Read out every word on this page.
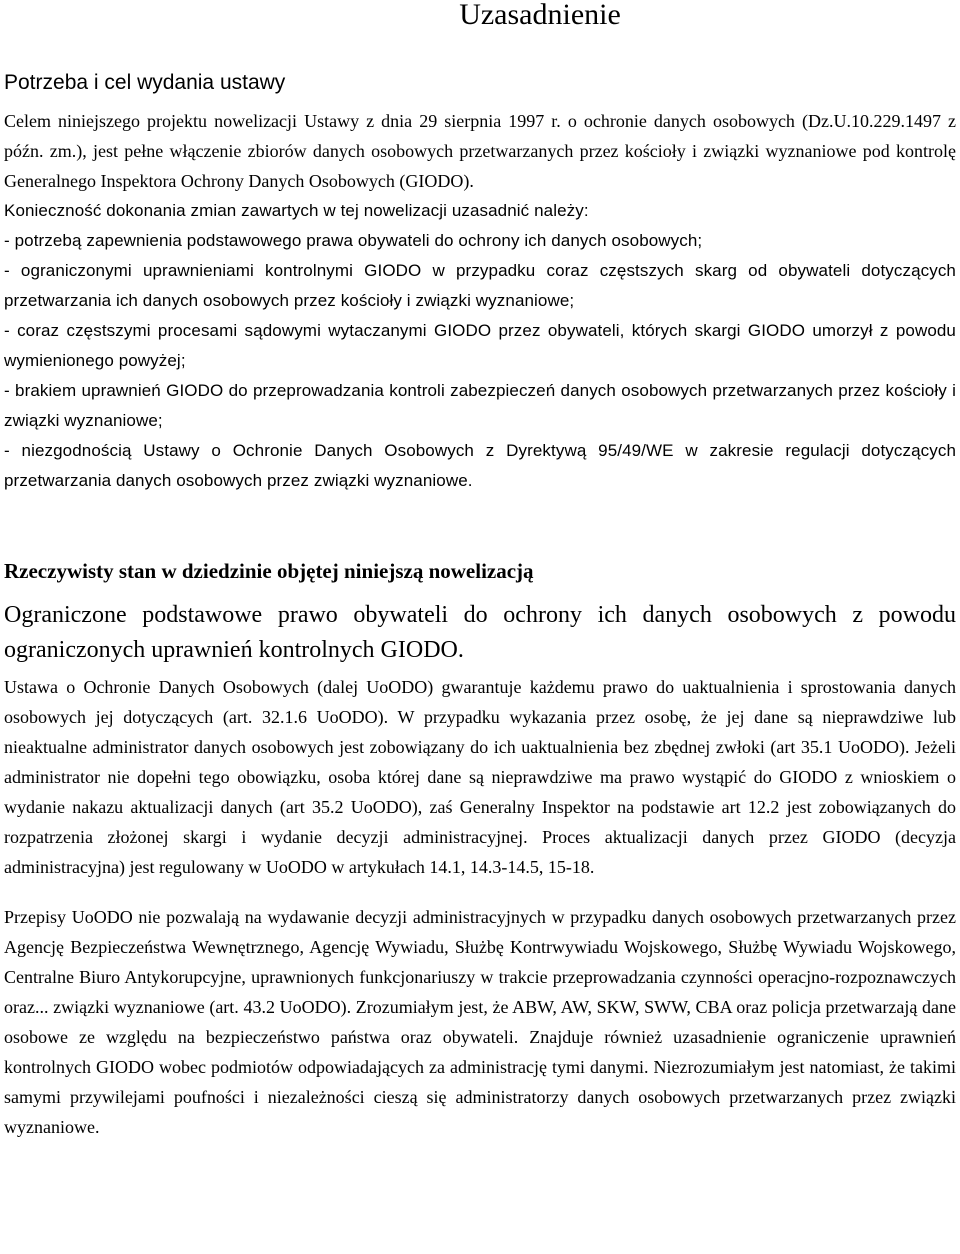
Uzasadnienie
Potrzeba i cel wydania ustawy

Celem niniejszego projektu nowelizacji Ustawy z dnia 29 sierpnia 1997 r. o ochronie danych osobowych (Dz.U.10.229.1497 z późn. zm.), jest pełne włączenie zbiorów danych osobowych przetwarzanych przez kościoły i związki wyznaniowe pod kontrolę Generalnego Inspektora Ochrony Danych Osobowych (GIODO).

Konieczność dokonania zmian zawartych w tej nowelizacji uzasadnić należy:

- potrzebą zapewnienia podstawowego prawa obywateli do ochrony ich danych osobowych;

- ograniczonymi uprawnieniami kontrolnymi GIODO w przypadku coraz częstszych skarg od obywateli dotyczących przetwarzania ich danych osobowych przez kościoły i związki wyznaniowe;

- coraz częstszymi procesami sądowymi wytaczanymi GIODO przez obywateli, których skargi GIODO umorzył z powodu wymienionego powyżej;

- brakiem uprawnień GIODO do przeprowadzania kontroli zabezpieczeń danych osobowych przetwarzanych przez kościoły i związki wyznaniowe;

- niezgodnością Ustawy o Ochronie Danych Osobowych z Dyrektywą 95/49/WE w zakresie regulacji dotyczących przetwarzania danych osobowych przez związki wyznaniowe.

Rzeczywisty stan w dziedzinie objętej niniejszą nowelizacją

Ograniczone podstawowe prawo obywateli do ochrony ich danych osobowych z powodu ograniczonych uprawnień kontrolnych GIODO.

Ustawa o Ochronie Danych Osobowych (dalej UoODO) gwarantuje każdemu prawo do uaktualnienia i sprostowania danych osobowych jej dotyczących (art. 32.1.6 UoODO). W przypadku wykazania przez osobę, że jej dane są nieprawdziwe lub nieaktualne administrator danych osobowych jest zobowiązany do ich uaktualnienia bez zbędnej zwłoki (art 35.1 UoODO). Jeżeli administrator nie dopełni tego obowiązku, osoba której dane są nieprawdziwe ma prawo wystąpić do GIODO z wnioskiem o wydanie nakazu aktualizacji danych (art 35.2 UoODO), zaś Generalny Inspektor na podstawie art 12.2 jest zobowiązanych do rozpatrzenia złożonej skargi i wydanie decyzji administracyjnej. Proces aktualizacji danych przez GIODO (decyzja administracyjna) jest regulowany w UoODO w artykułach 14.1, 14.3-14.5, 15-18.

Przepisy UoODO nie pozwalają na wydawanie decyzji administracyjnych w przypadku danych osobowych przetwarzanych przez Agencję Bezpieczeństwa Wewnętrznego, Agencję Wywiadu, Służbę Kontrwywiadu Wojskowego, Służbę Wywiadu Wojskowego, Centralne Biuro Antykorupcyjne, uprawnionych funkcjonariuszy w trakcie przeprowadzania czynności operacjno-rozpoznawczych oraz... związki wyznaniowe (art. 43.2 UoODO). Zrozumiałym jest, że ABW, AW, SKW, SWW, CBA oraz policja przetwarzają dane osobowe ze względu na bezpieczeństwo państwa oraz obywateli. Znajduje również uzasadnienie ograniczenie uprawnień kontrolnych GIODO wobec podmiotów odpowiadających za administrację tymi danymi. Niezrozumiałym jest natomiast, że takimi samymi przywilejami poufności i niezależności cieszą się administratorzy danych osobowych przetwarzanych przez związki wyznaniowe.
